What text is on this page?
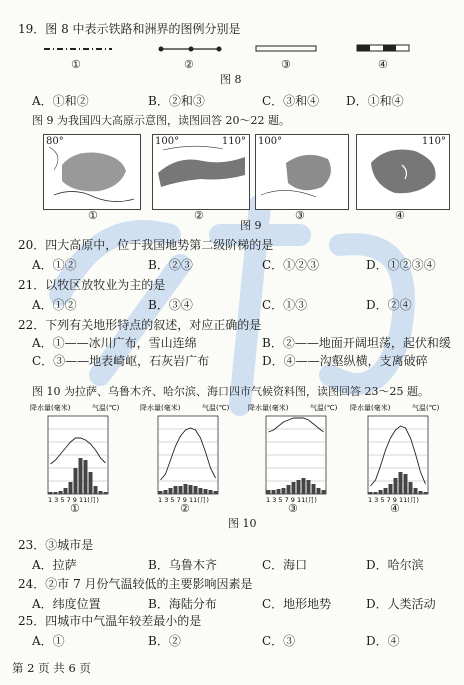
19．图 8 中表示铁路和洲界的图例分别是
①	②	③	④
图 8
A．①和②	B．②和③	C．③和④ D．①和④
图 9 为我国四大高原示意图，读图回答 20～22 题。
80°	100°	110° 100°	110°
①	②	③	④
图 9
20．四大高原中，位于我国地势第二级阶梯的是
A．①②	B．②③	C．①②③	D．①②③④
21．以牧区放牧业为主的是
A．①②	B．③④	C．①③	D．②④
22．下列有关地形特点的叙述，对应正确的是
A．①——冰川广布，雪山连绵	B．②——地面开阔坦荡，起伏和缓
C．③——地表崎岖，石灰岩广布	D．④——沟壑纵横，支离破碎
图 10 为拉萨、乌鲁木齐、哈尔滨、海口四市气候资料图，读图回答 23～25 题。
降水量(毫米)	气温(℃)
1 3 5 7 9 11(月)
①
降水量(毫米)	气温(℃)
1 3 5 7 9 11(月)
②
降水量(毫米)	气温(℃)
1 3 5 7 9 11(月)
③
降水量(毫米)	气温(℃)
1 3 5 7 9 11(月)
④
图 10
23．③城市是
A．拉萨	B．乌鲁木齐	C．海口	D．哈尔滨
24．②市 7 月份气温较低的主要影响因素是
A．纬度位置	B．海陆分布	C．地形地势	D．人类活动
25．四城市中气温年较差最小的是
A．①	B．②	C．③	D．④
第 2 页 共 6 页
